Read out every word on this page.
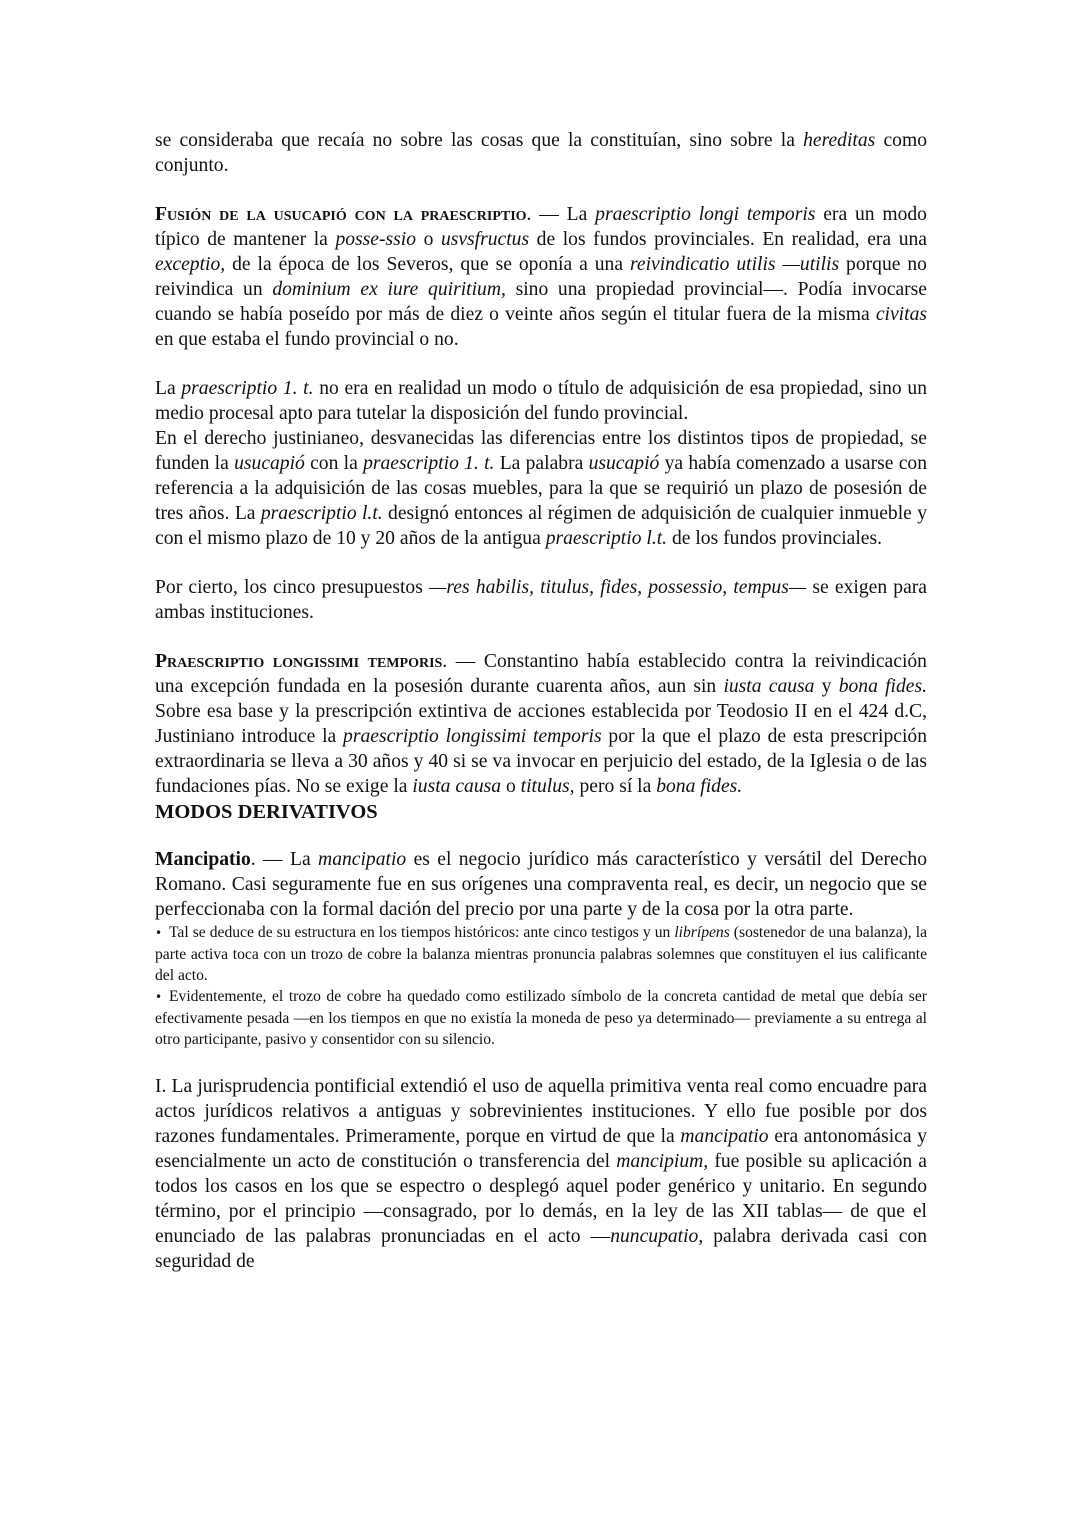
se consideraba que recaía no sobre las cosas que la constituían, sino sobre la hereditas como conjunto.

Fusión de la usucapió con la praescriptio. — La praescriptio longi temporis era un modo típico de mantener la posse-ssio o usvsfructus de los fundos provinciales. En realidad, era una exceptio, de la época de los Severos, que se oponía a una reivindicatio utilis —utilis porque no reivindica un dominium ex iure quiritium, sino una propiedad provincial—. Podía invocarse cuando se había poseído por más de diez o veinte años según el titular fuera de la misma civitas en que estaba el fundo provincial o no.

La praescriptio 1. t. no era en realidad un modo o título de adquisición de esa propiedad, sino un medio procesal apto para tutelar la disposición del fundo provincial.

En el derecho justinianeo, desvanecidas las diferencias entre los distintos tipos de propiedad, se funden la usucapió con la praescriptio 1. t. La palabra usucapió ya había comenzado a usarse con referencia a la adquisición de las cosas muebles, para la que se requirió un plazo de posesión de tres años. La praescriptio l.t. designó entonces al régimen de adquisición de cualquier inmueble y con el mismo plazo de 10 y 20 años de la antigua praescriptio l.t. de los fundos provinciales.

Por cierto, los cinco presupuestos —res habilis, titulus, fides, possessio, tempus— se exigen para ambas instituciones.

Praescriptio longissimi temporis. — Constantino había establecido contra la reivindicación una excepción fundada en la posesión durante cuarenta años, aun sin iusta causa y bona fides. Sobre esa base y la prescripción extintiva de acciones establecida por Teodosio II en el 424 d.C, Justiniano introduce la praescriptio longissimi temporis por la que el plazo de esta prescripción extraordinaria se lleva a 30 años y 40 si se va invocar en perjuicio del estado, de la Iglesia o de las fundaciones pías. No se exige la iusta causa o titulus, pero sí la bona fides.

MODOS DERIVATIVOS

Mancipatio. — La mancipatio es el negocio jurídico más característico y versátil del Derecho Romano. Casi seguramente fue en sus orígenes una compraventa real, es decir, un negocio que se perfeccionaba con la formal dación del precio por una parte y de la cosa por la otra parte.

• Tal se deduce de su estructura en los tiempos históricos: ante cinco testigos y un librípens (sostenedor de una balanza), la parte activa toca con un trozo de cobre la balanza mientras pronuncia palabras solemnes que constituyen el ius calificante del acto.
• Evidentemente, el trozo de cobre ha quedado como estilizado símbolo de la concreta cantidad de metal que debía ser efectivamente pesada —en los tiempos en que no existía la moneda de peso ya determinado— previamente a su entrega al otro participante, pasivo y consentidor con su silencio.

I. La jurisprudencia pontificial extendió el uso de aquella primitiva venta real como encuadre para actos jurídicos relativos a antiguas y sobrevinientes instituciones. Y ello fue posible por dos razones fundamentales. Primeramente, porque en virtud de que la mancipatio era antonomásica y esencialmente un acto de constitución o transferencia del mancipium, fue posible su aplicación a todos los casos en los que se espectro o desplegó aquel poder genérico y unitario. En segundo término, por el principio —consagrado, por lo demás, en la ley de las XII tablas— de que el enunciado de las palabras pronunciadas en el acto —nuncupatio, palabra derivada casi con seguridad de
